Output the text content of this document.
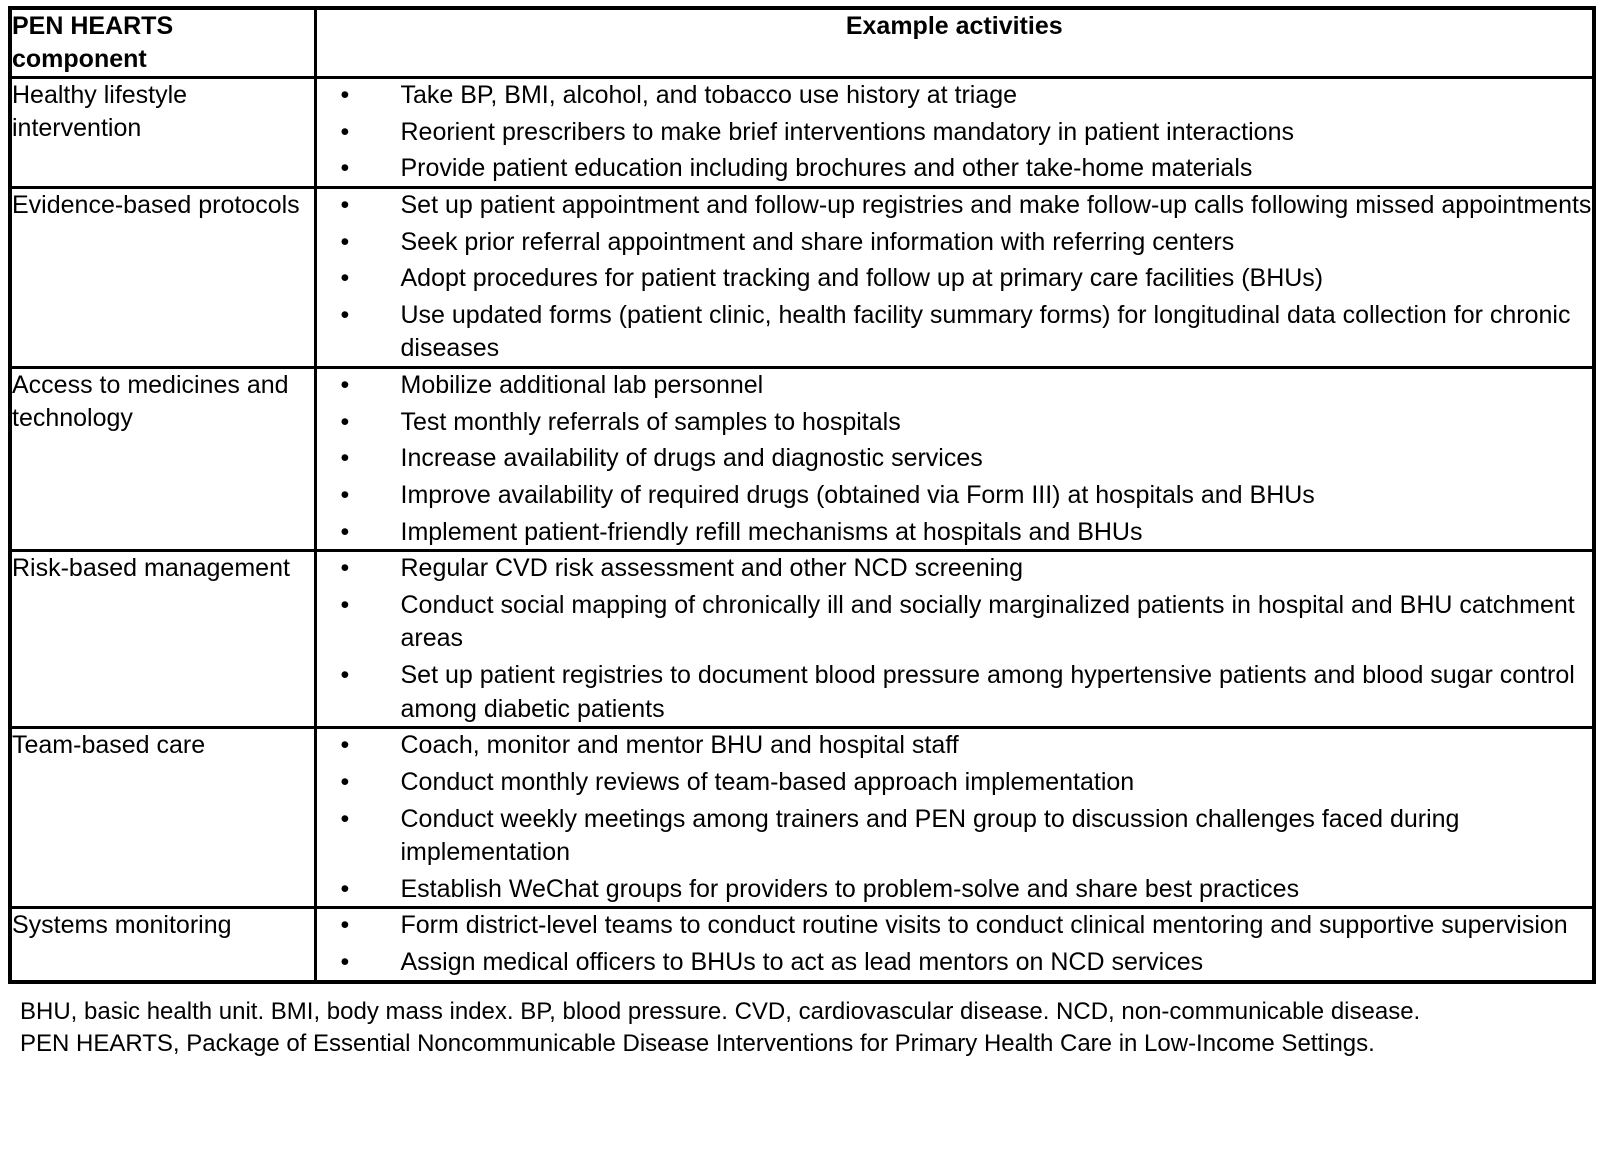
PEN HEARTS
component	Example activities
Healthy lifestyle intervention	
• Take BP, BMI, alcohol, and tobacco use history at triage
• Reorient prescribers to make brief interventions mandatory in patient interactions
• Provide patient education including brochures and other take-home materials

Evidence-based protocols	• Set up patient appointment and follow-up registries and make follow-up calls following missed appointments
• Seek prior referral appointment and share information with referring centers
• Adopt procedures for patient tracking and follow up at primary care facilities (BHUs)
• Use updated forms (patient clinic, health facility summary forms) for longitudinal data collection for chronic diseases

Access to medicines and technology	
• Mobilize additional lab personnel
• Test monthly referrals of samples to hospitals
• Increase availability of drugs and diagnostic services
• Improve availability of required drugs (obtained via Form III) at hospitals and BHUs
• Implement patient-friendly refill mechanisms at hospitals and BHUs

Risk-based management	• Regular CVD risk assessment and other NCD screening
• Conduct social mapping of chronically ill and socially marginalized patients in hospital and BHU catchment areas
• Set up patient registries to document blood pressure among hypertensive patients and blood sugar control among diabetic patients

Team-based care	• Coach, monitor and mentor BHU and hospital staff
• Conduct monthly reviews of team-based approach implementation
• Conduct weekly meetings among trainers and PEN group to discussion challenges faced during implementation
• Establish WeChat groups for providers to problem-solve and share best practices

Systems monitoring	• Form district-level teams to conduct routine visits to conduct clinical mentoring and supportive supervision
• Assign medical officers to BHUs to act as lead mentors on NCD services
BHU, basic health unit. BMI, body mass index. BP, blood pressure. CVD, cardiovascular disease. NCD, non-communicable disease.
PEN HEARTS, Package of Essential Noncommunicable Disease Interventions for Primary Health Care in Low-Income Settings.
